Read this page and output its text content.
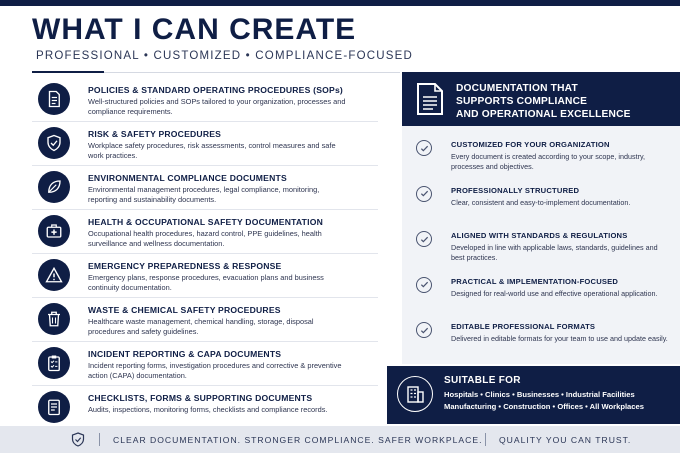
WHAT I CAN CREATE
PROFESSIONAL • CUSTOMIZED • COMPLIANCE-FOCUSED
POLICIES & STANDARD OPERATING PROCEDURES (SOPs)
Well-structured policies and SOPs tailored to your organization, processes and compliance requirements.
RISK & SAFETY PROCEDURES
Workplace safety procedures, risk assessments, control measures and safe work practices.
ENVIRONMENTAL COMPLIANCE DOCUMENTS
Environmental management procedures, legal compliance, monitoring, reporting and sustainability documents.
HEALTH & OCCUPATIONAL SAFETY DOCUMENTATION
Occupational health procedures, hazard control, PPE guidelines, health surveillance and wellness documentation.
EMERGENCY PREPAREDNESS & RESPONSE
Emergency plans, response procedures, evacuation plans and business continuity documentation.
WASTE & CHEMICAL SAFETY PROCEDURES
Healthcare waste management, chemical handling, storage, disposal procedures and safety guidelines.
INCIDENT REPORTING & CAPA DOCUMENTS
Incident reporting forms, investigation procedures and corrective & preventive action (CAPA) documentation.
CHECKLISTS, FORMS & SUPPORTING DOCUMENTS
Audits, inspections, monitoring forms, checklists and compliance records.
DOCUMENTATION THAT
SUPPORTS COMPLIANCE
AND OPERATIONAL EXCELLENCE
CUSTOMIZED FOR YOUR ORGANIZATION
Every document is created according to your scope, industry, processes and objectives.
PROFESSIONALLY STRUCTURED
Clear, consistent and easy-to-implement documentation.
ALIGNED WITH STANDARDS & REGULATIONS
Developed in line with applicable laws, standards, guidelines and best practices.
PRACTICAL & IMPLEMENTATION-FOCUSED
Designed for real-world use and effective operational application.
EDITABLE PROFESSIONAL FORMATS
Delivered in editable formats for your team to use and update easily.
SUITABLE FOR
Hospitals • Clinics • Businesses • Industrial Facilities
Manufacturing • Construction • Offices • All Workplaces
CLEAR DOCUMENTATION. STRONGER COMPLIANCE. SAFER WORKPLACE. QUALITY YOU CAN TRUST.
